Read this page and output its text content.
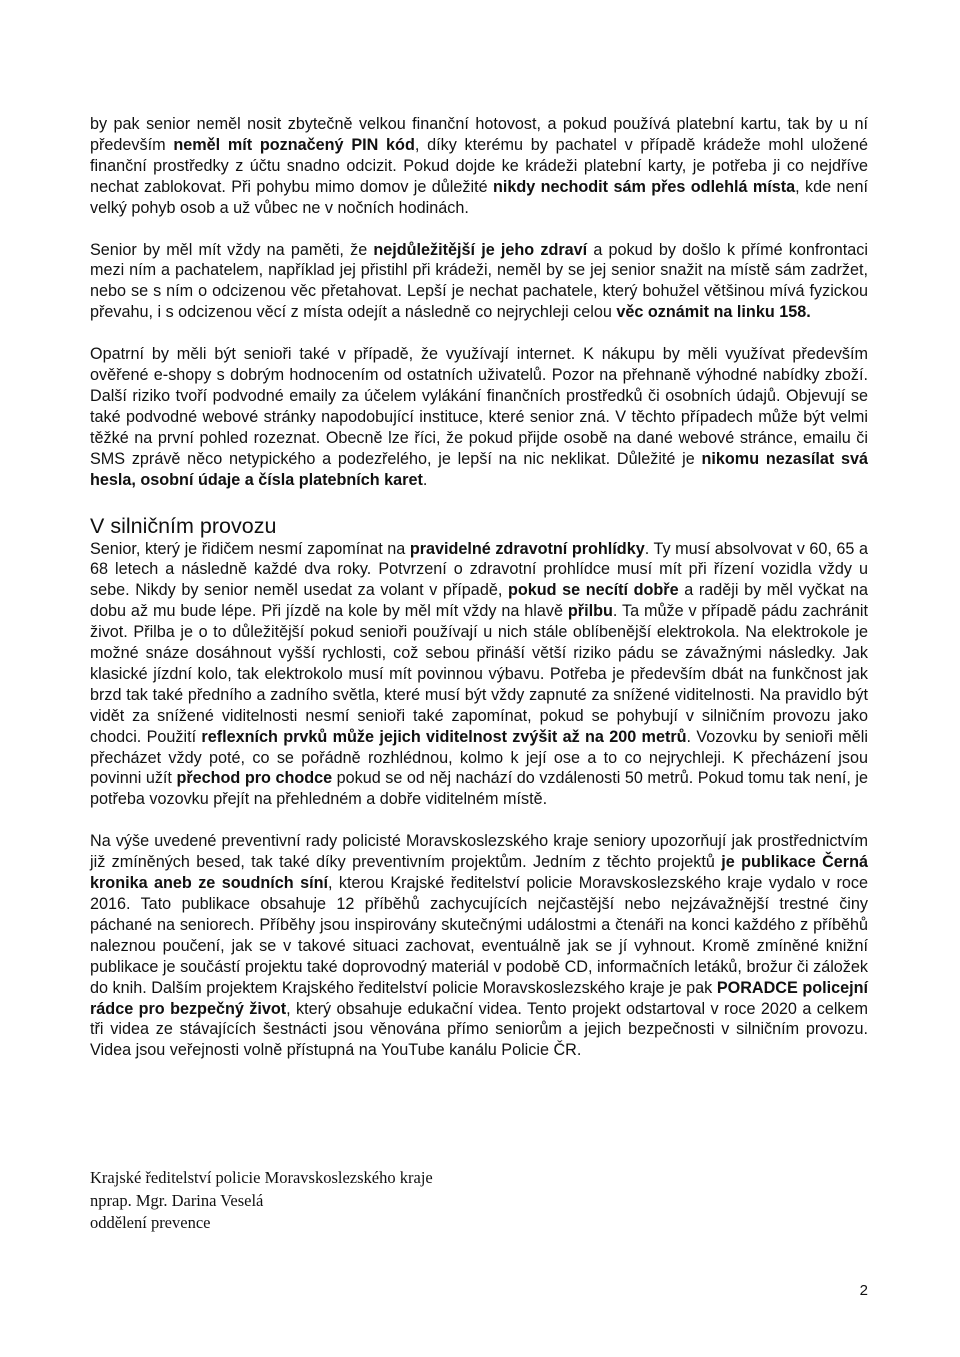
by pak senior neměl nosit zbytečně velkou finanční hotovost, a pokud používá platební kartu, tak by u ní především neměl mít poznačený PIN kód, díky kterému by pachatel v případě krádeže mohl uložené finanční prostředky z účtu snadno odcizit. Pokud dojde ke krádeži platební karty, je potřeba ji co nejdříve nechat zablokovat. Při pohybu mimo domov je důležité nikdy nechodit sám přes odlehlá místa, kde není velký pohyb osob a už vůbec ne v nočních hodinách.

Senior by měl mít vždy na paměti, že nejdůležitější je jeho zdraví a pokud by došlo k přímé konfrontaci mezi ním a pachatelem, například jej přistihl při krádeži, neměl by se jej senior snažit na místě sám zadržet, nebo se s ním o odcizenou věc přetahovat. Lepší je nechat pachatele, který bohužel většinou mívá fyzickou převahu, i s odcizenou věcí z místa odejít a následně co nejrychleji celou věc oznámit na linku 158.

Opatrní by měli být senioři také v případě, že využívají internet. K nákupu by měli využívat především ověřené e-shopy s dobrým hodnocením od ostatních uživatelů. Pozor na přehnaně výhodné nabídky zboží. Další riziko tvoří podvodné emaily za účelem vylákání finančních prostředků či osobních údajů. Objevují se také podvodné webové stránky napodobující instituce, které senior zná. V těchto případech může být velmi těžké na první pohled rozeznat. Obecně lze říci, že pokud přijde osobě na dané webové stránce, emailu či SMS zprávě něco netypického a podezřelého, je lepší na nic neklikat. Důležité je nikomu nezasílat svá hesla, osobní údaje a čísla platebních karet.

V silničním provozu

Senior, který je řidičem nesmí zapomínat na pravidelné zdravotní prohlídky. Ty musí absolvovat v 60, 65 a 68 letech a následně každé dva roky. Potvrzení o zdravotní prohlídce musí mít při řízení vozidla vždy u sebe. Nikdy by senior neměl usedat za volant v případě, pokud se necítí dobře a raději by měl vyčkat na dobu až mu bude lépe. Při jízdě na kole by měl mít vždy na hlavě přilbu. Ta může v případě pádu zachránit život. Přilba je o to důležitější pokud senioři používají u nich stále oblíbenější elektrokola. Na elektrokole je možné snáze dosáhnout vyšší rychlosti, což sebou přináší větší riziko pádu se závažnými následky. Jak klasické jízdní kolo, tak elektrokolo musí mít povinnou výbavu. Potřeba je především dbát na funkčnost jak brzd tak také předního a zadního světla, které musí být vždy zapnuté za snížené viditelnosti. Na pravidlo být vidět za snížené viditelnosti nesmí senioři také zapomínat, pokud se pohybují v silničním provozu jako chodci. Použití reflexních prvků může jejich viditelnost zvýšit až na 200 metrů. Vozovku by senioři měli přecházet vždy poté, co se pořádně rozhlédnou, kolmo k její ose a to co nejrychleji. K přecházení jsou povinni užít přechod pro chodce pokud se od něj nachází do vzdálenosti 50 metrů. Pokud tomu tak není, je potřeba vozovku přejít na přehledném a dobře viditelném místě.

Na výše uvedené preventivní rady policisté Moravskoslezského kraje seniory upozorňují jak prostřednictvím již zmíněných besed, tak také díky preventivním projektům. Jedním z těchto projektů je publikace Černá kronika aneb ze soudních síní, kterou Krajské ředitelství policie Moravskoslezského kraje vydalo v roce 2016. Tato publikace obsahuje 12 příběhů zachycujících nejčastější nebo nejzávažnější trestné činy páchané na seniorech. Příběhy jsou inspirovány skutečnými událostmi a čtenáři na konci každého z příběhů naleznou poučení, jak se v takové situaci zachovat, eventuálně jak se jí vyhnout. Kromě zmíněné knižní publikace je součástí projektu také doprovodný materiál v podobě CD, informačních letáků, brožur či záložek do knih. Dalším projektem Krajského ředitelství policie Moravskoslezského kraje je pak PORADCE policejní rádce pro bezpečný život, který obsahuje edukační videa. Tento projekt odstartoval v roce 2020 a celkem tři videa ze stávajících šestnácti jsou věnována přímo seniorům a jejich bezpečnosti v silničním provozu. Videa jsou veřejnosti volně přístupná na YouTube kanálu Policie ČR.

Krajské ředitelství policie Moravskoslezského kraje
nprap. Mgr. Darina Veselá
oddělení prevence
2
